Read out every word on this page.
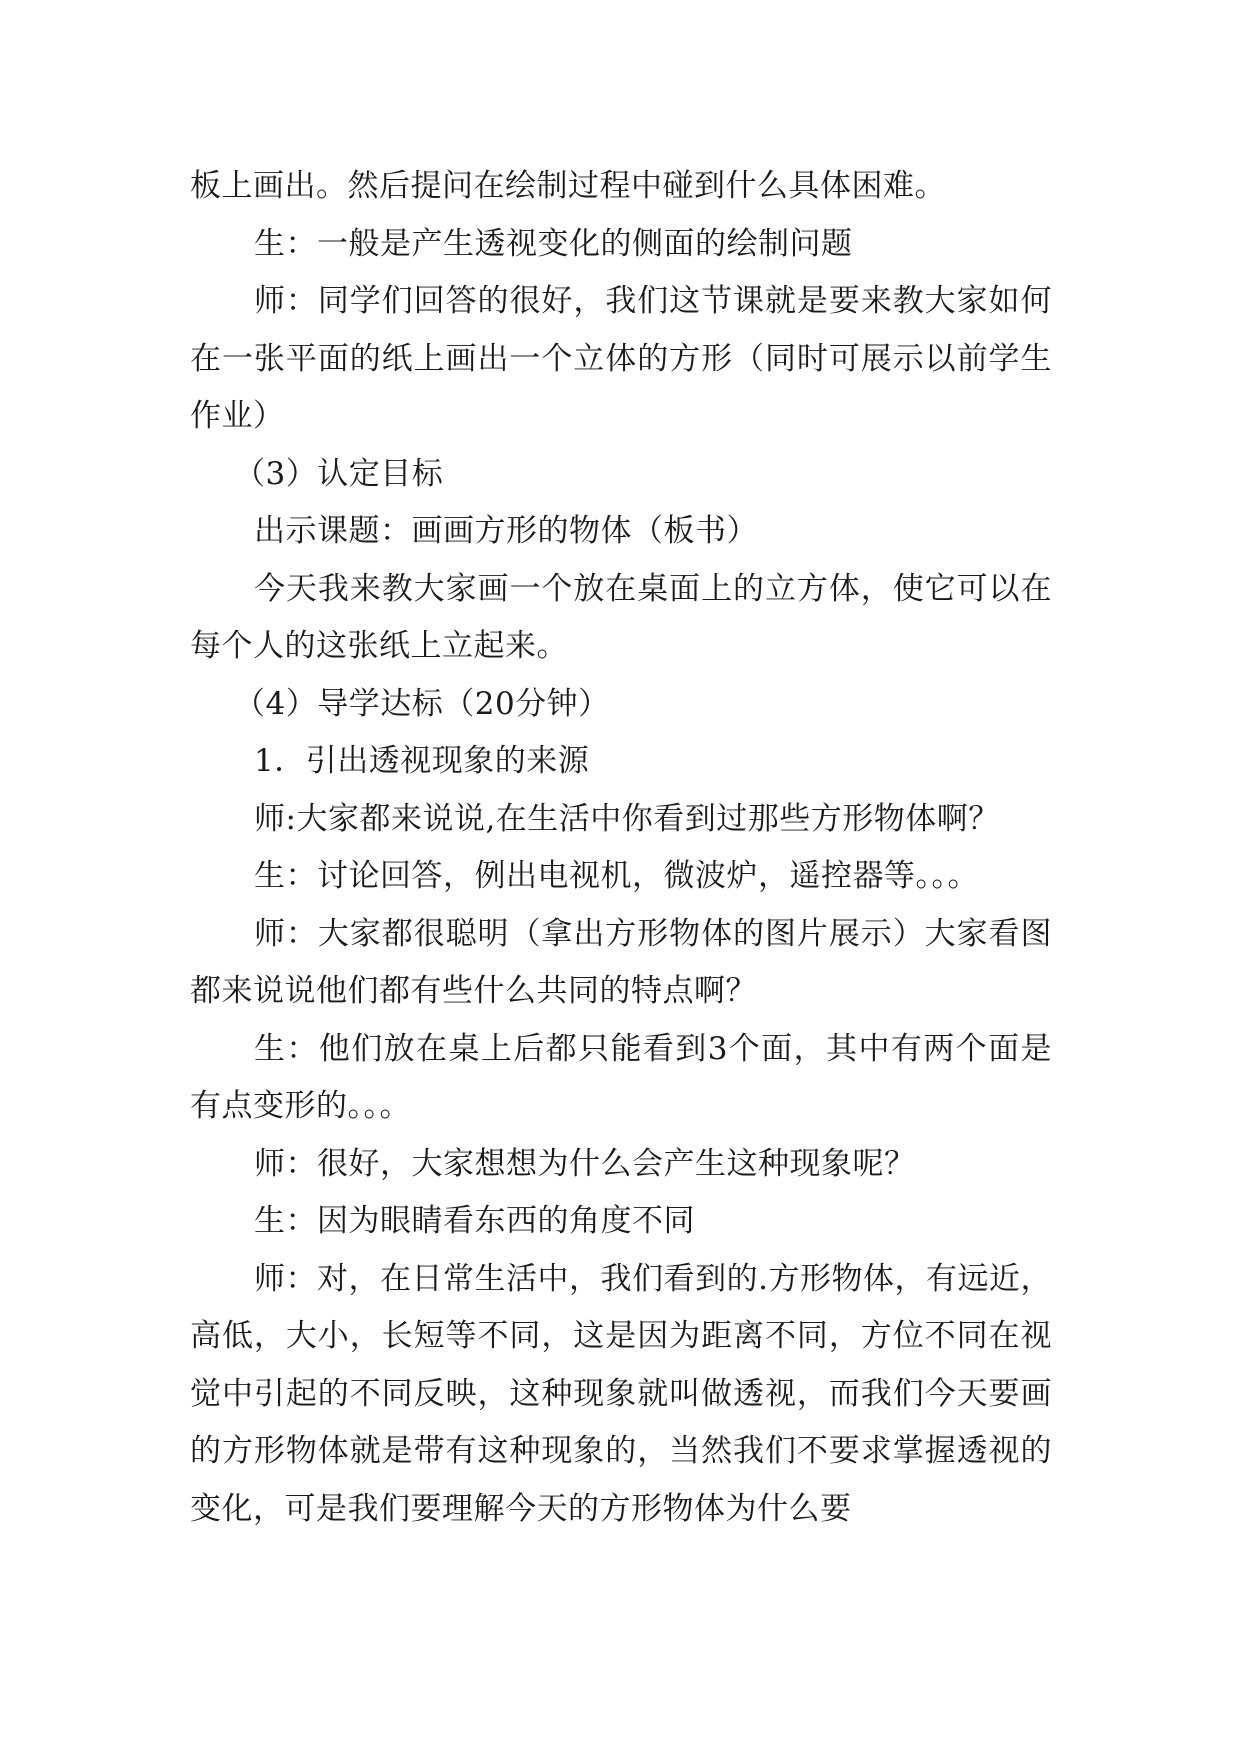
板上画出。然后提问在绘制过程中碰到什么具体困难。

生：一般是产生透视变化的侧面的绘制问题

师：同学们回答的很好，我们这节课就是要来教大家如何在一张平面的纸上画出一个立体的方形（同时可展示以前学生作业）

（3）认定目标

出示课题：画画方形的物体（板书）

今天我来教大家画一个放在桌面上的立方体，使它可以在每个人的这张纸上立起来。

（4）导学达标（20分钟）

1．引出透视现象的来源

师:大家都来说说,在生活中你看到过那些方形物体啊？

生：讨论回答，例出电视机，微波炉，遥控器等。。。

师：大家都很聪明（拿出方形物体的图片展示）大家看图都来说说他们都有些什么共同的特点啊？

生：他们放在桌上后都只能看到3个面，其中有两个面是有点变形的。。。

师：很好，大家想想为什么会产生这种现象呢？

生：因为眼睛看东西的角度不同

师：对，在日常生活中，我们看到的.方形物体，有远近，高低，大小，长短等不同，这是因为距离不同，方位不同在视觉中引起的不同反映，这种现象就叫做透视，而我们今天要画的方形物体就是带有这种现象的，当然我们不要求掌握透视的变化，可是我们要理解今天的方形物体为什么要
